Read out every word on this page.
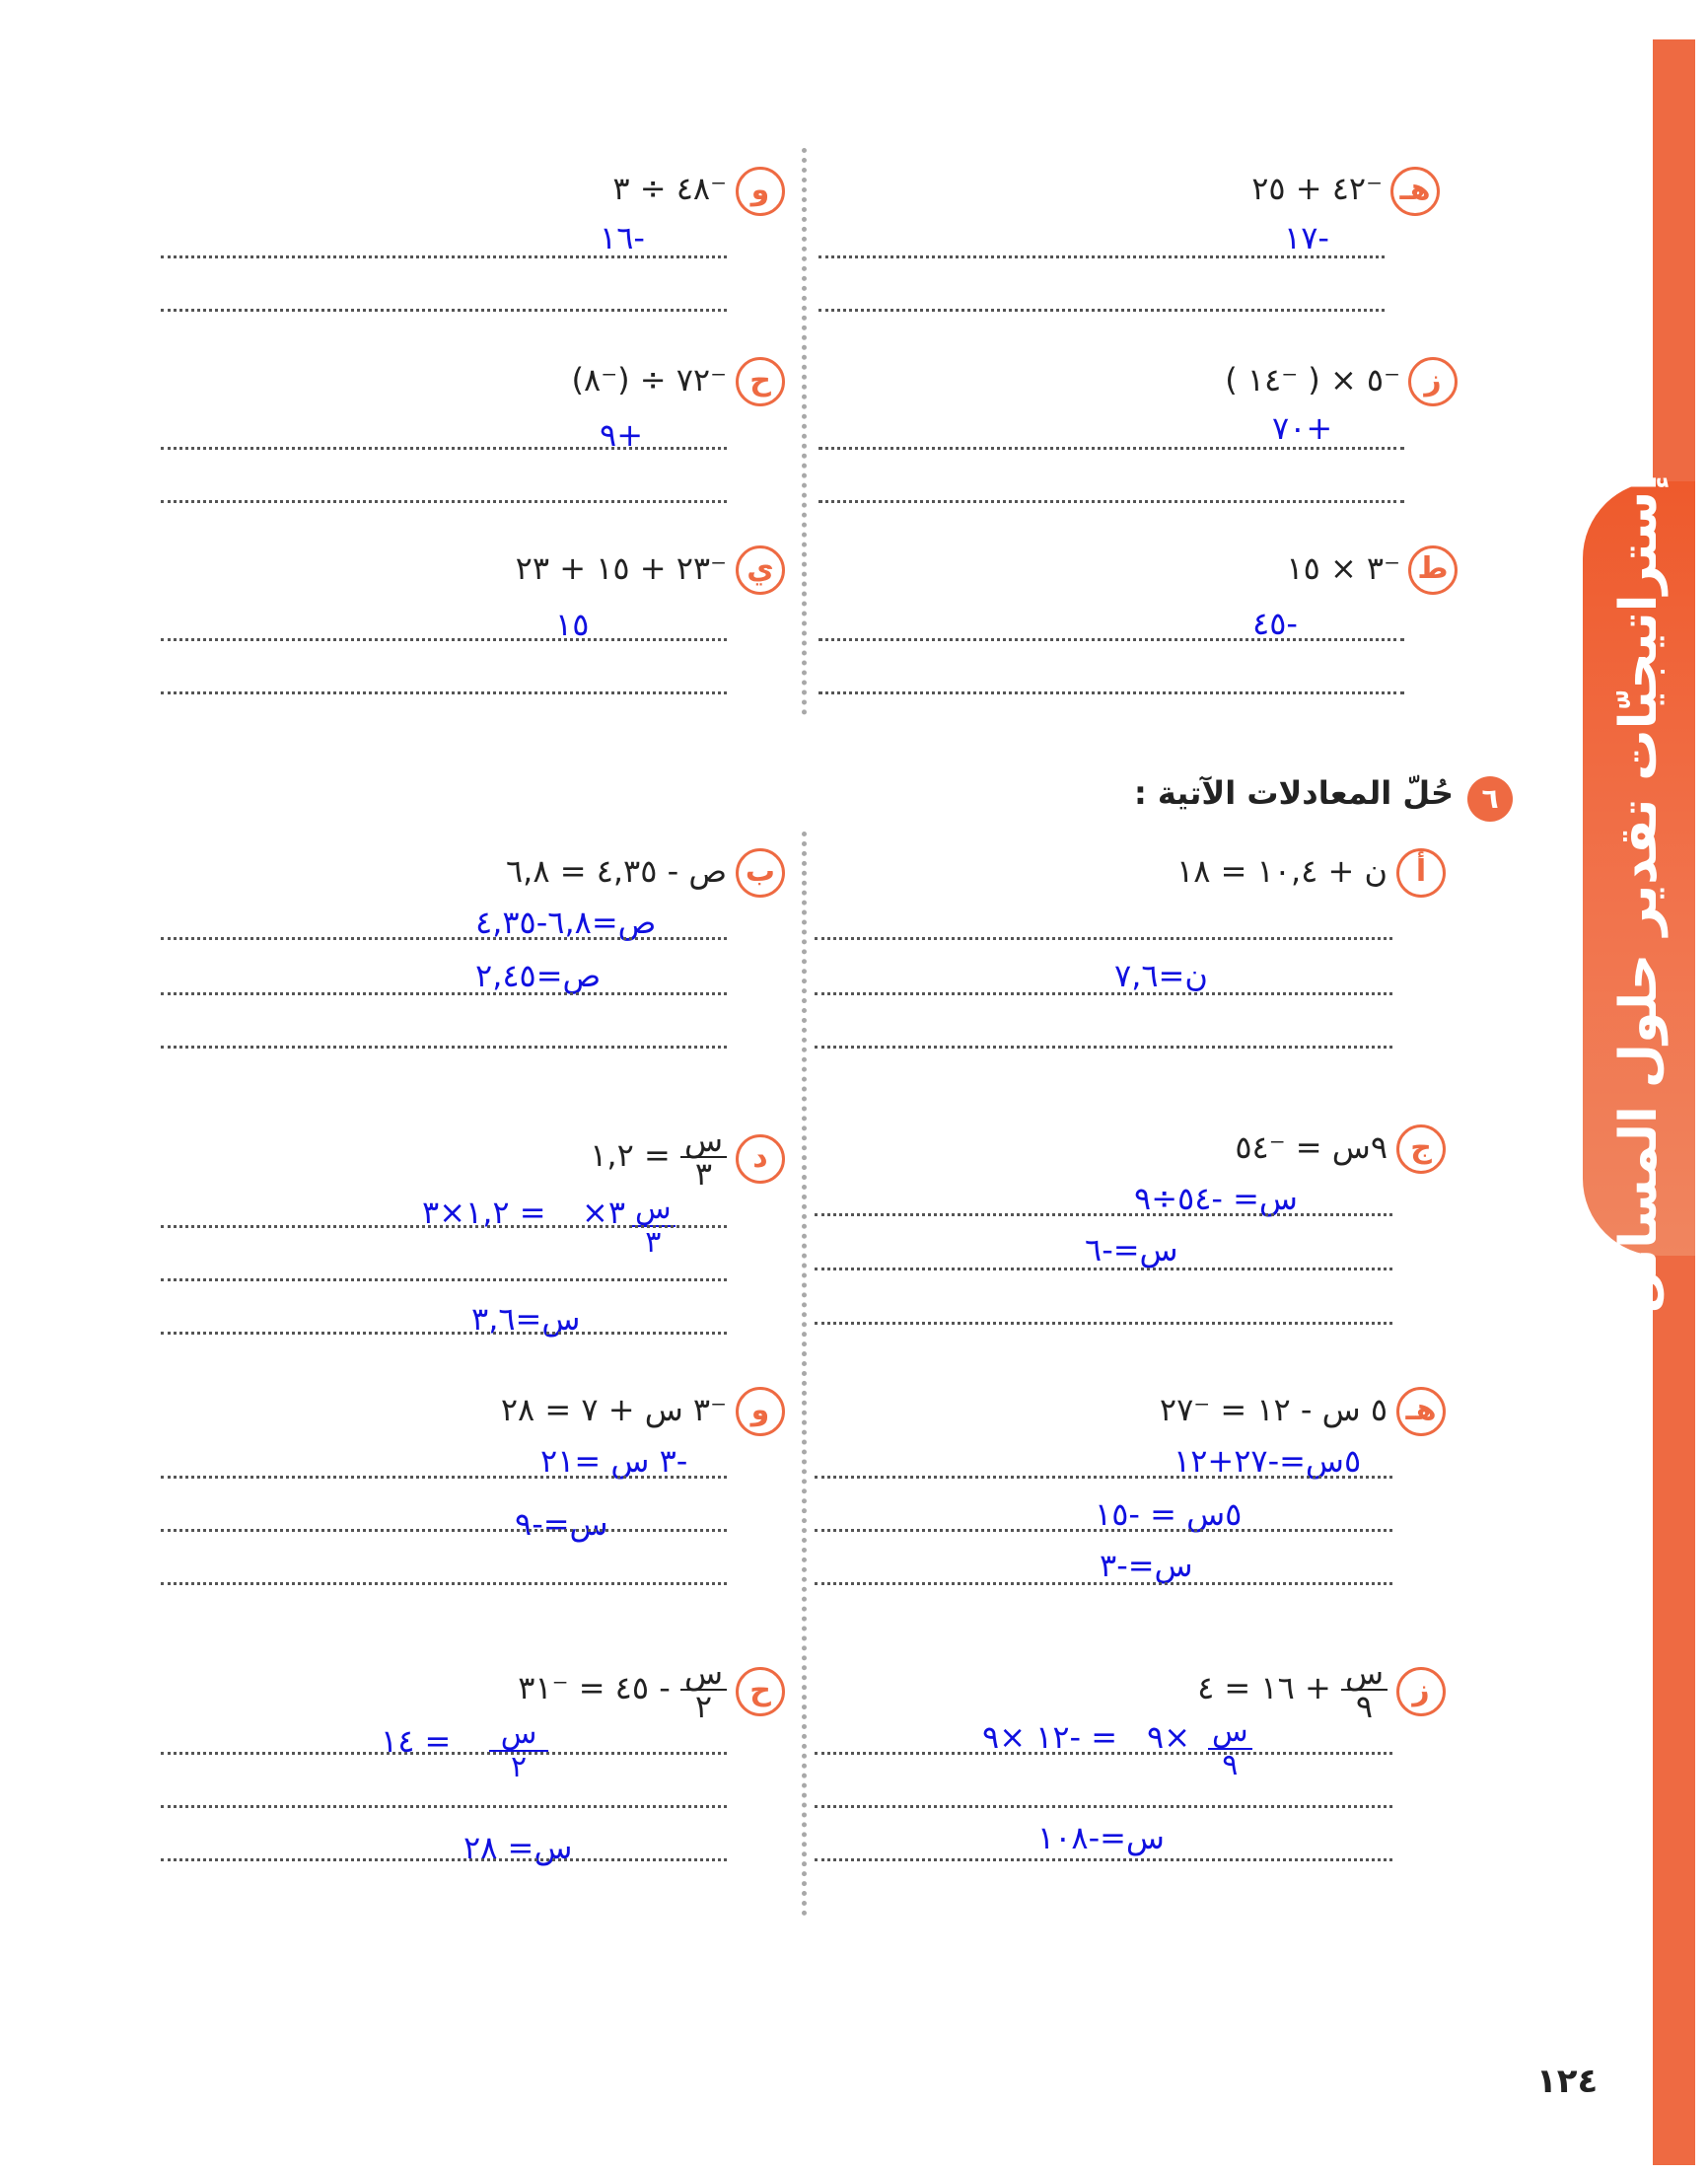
إستراتيجيّات تقدير حلول المسائل
هـ
⁻٤٢ + ٢٥
-١٧
و
⁻٤٨ ÷ ٣
-١٦
ز
⁻٥ × ( ⁻١٤ )
+٧٠
ح
⁻٧٢ ÷ (⁻٨)
+٩
ط
⁻٣ × ١٥
-٤٥
ي
⁻٢٣ + ١٥ + ٢٣
١٥
٦
حُلّ المعادلات الآتية :
أ
ن + ١٠,٤ = ١٨
ن=٧,٦
ب
ص - ٤,٣٥ = ٦,٨
ص=٦,٨-٤,٣٥
ص=٢,٤٥
ج
٩س = ⁻٥٤
س= -٥٤÷٩
س=-٦
د
$\frac{\text{س}}{٣}$
= ١,٢
$\frac{\text{س}}{٣}$
٣×
= ١,٢×٣
س=٣,٦
هـ
٥ س - ١٢ = ⁻٢٧
٥س=-٢٧+١٢
٥س = -١٥
س=-٣
و
⁻٣ س + ٧ = ٢٨
-٣ س =٢١
س=-٩
ز
$\frac{\text{س}}{٩}$
+ ١٦ = ٤
$\frac{\text{س}}{٩}$
×٩
= -١٢ ×٩
س=-١٠٨
ح
$\frac{\text{س}}{٢}$
- ٤٥ = ⁻٣١
$\frac{\text{س}}{٢}$
= ١٤
س= ٢٨
١٢٤
